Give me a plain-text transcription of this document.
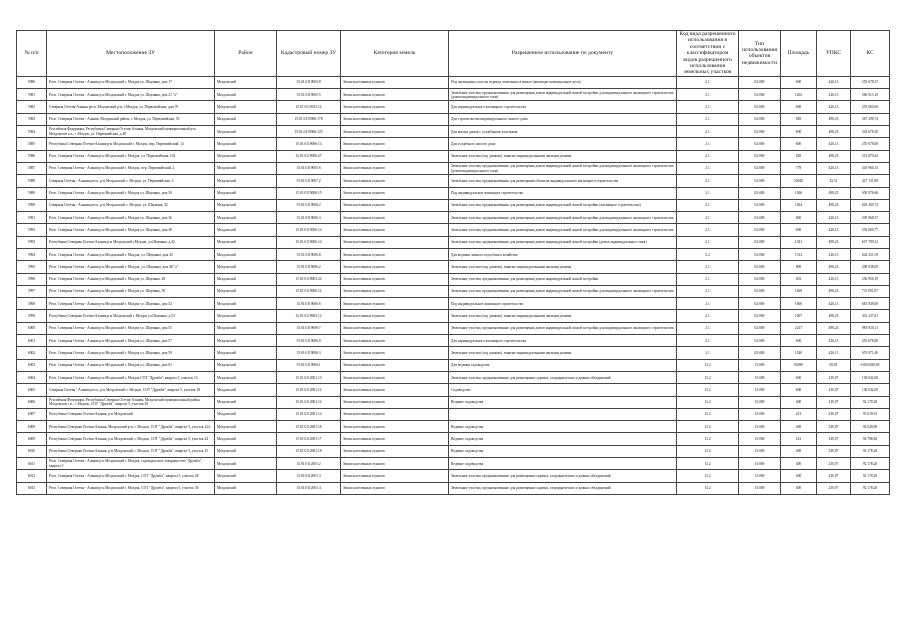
№ п/п	Местоположение ЗУ	Район	Кадастровый номер ЗУ	Категория земель	Разрешенное использование по документу	Код вида разрешенного использования в соответствии с классификатором видов разрешенного использования земельных участков	Тип использования объектов недвижимости	Площадь	УПКС	КС
5980	Респ. Северная Осетия - Алания р-н Моздокский г. Моздок ул. Шаумяна, дом 17	Моздокский	15:01:0119005:8	Земли населенных пунктов	Под жилищным участок перевод земельных в жилое (жилищно-коммунальное дело)	2.1	02:000	600	426,13	255 678,37
5981	Респ. Северная Осетия - Алания р-н Моздокский г. Моздок ул. Шаумяна, дом 21 "а"	Моздокский	15:01:0119005:5	Земли населенных пунктов	Земельные участки, предназначенные для размещения домов индивидуальной жилой застройки для индивидуального жилищного строительства (домов индивидуального типа)	2.1	02:000	1202	426,13	566 013,16
5982	Северная Осетия-Алания респ. Моздокский р-н, г.Моздок, ул. Первомайская, дом 70	Моздокский	15:01:0119011:12	Земли населенных пунктов	Для индивидуального жилищного строительства	2.1	02:000	600	426,13	255 684,00
5983	Респ. Северная Осетия - Алания, Моздокский район, г. Моздок, ул. Первомайская, 55	Моздокский	15:01:0119006:178	Земли населенных пунктов	Для строительства индивидуального жилого дома	2.1	02:000	828	498,23	367 298,74
5984	Российская Федерация, Республика Северная Осетия-Алания, Моздокский муниципальный р-н, Моздокское г.п., г. Моздок, ул. Первомайская, д.48	Моздокский	15:01:0119006:125	Земли населенных пунктов	Для жилых домов с усадебными участками	2.1	02:000	690	498,23	343 678,50
5985	Республика Северная Осетия-Алания р-н Моздокский г. Моздок, пер. Первомайский, 13	Моздокский	15:01:0119006:13	Земли населенных пунктов	Для усадебного жилого дома	2.1	02:000	600	426,13	255 678,00
5986	Респ. Северная Осетия - Алания р-н Моздокский г. Моздок, ул. Первомайская, 102	Моздокский	15:01:0119006:27	Земли населенных пунктов	Земельные участки (под домами), занятые индивидуальными жилыми домами	2.1	02:000	828	498,23	312 879,44
5987	Респ. Северная Осетия - Алания р-н Моздокский г. Моздок, пер. Первомайский, 2	Моздокский	15:01:0119005:6	Земли населенных пунктов	Земельные участки, предназначенные для размещения домов индивидуальной жилой застройки для индивидуального жилищного строительства (домов индивидуального типа)	2.1	02:000	778	426,13	345 966,33
5988	Северная Осетия - Алания респ., р-н Моздокский, г. Моздок, ул. Первомайская, 3	Моздокский	15:01:0119007:2	Земли населенных пунктов	Земельные участки, предназначенные для размещения объектов индивидуального жилищного строительства	2.1	02:000	10040	42,51	427 131,89
5989	Респ. Северная Осетия - Алания р-н Моздокский г. Моздок ул. Шаумяна, дом 30	Моздокский	15:01:0119006:15	Земли населенных пунктов	Под индивидуальное жилищное строительство	2.1	02:000	1366	498,23	650 976,66
5990	Северная Осетия - Алания респ., р-н Моздокский, г. Моздок, ул. Шаумяна, 32	Моздокский	15:01:0119006:2	Земли населенных пунктов	Земельные участки, предназначенные для размещения домов индивидуальной жилой застройки (жилищное строительство)	2.1	02:000	1404	498,23	643 269,72
5991	Респ. Северная Осетия - Алания р-н Моздокский г. Моздок ул. Шаумяна, дом 36	Моздокский	15:01:0119006:3	Земли населенных пунктов	Земельные участки, предназначенные для размещения домов индивидуальной жилой застройки для индивидуального жилищного строительства	2.1	02:000	800	426,13	295 968,37
5992	Респ. Северная Осетия - Алания р-н Моздокский г. Моздок ул. Шаумяна, дом 38	Моздокский	15:01:0119006:14	Земли населенных пунктов	Земельные участки, предназначенные для размещения домов индивидуальной жилой застройки для индивидуального жилищного строительства	2.1	02:000	690	426,13	292 066,77
5993	Республика Северная Осетия-Алания р-н Моздокский г.Моздок, ул.Шаумяна, д.42	Моздокский	15:01:0119006:14	Земли населенных пунктов	Земельные участки, предназначенные для размещения домов индивидуальной жилой застройки (домов индивидуального типа)	2.1	02:000	1321	498,23	657 799,21
5994	Респ. Северная Осетия - Алания р-н Моздокский г. Моздок, ул. Шаумяна, дом 45	Моздокский	15:01:0119006:8	Земли населенных пунктов	Для ведения личного подсобного хозяйства	2.2	02:000	1512	426,13	644 431,59
5995	Респ. Северная Осетия - Алания р-н Моздокский г. Моздок, ул. Шаумяна, дом 48 "а"	Моздокский	15:01:0119006:2	Земли населенных пунктов	Земельные участки (под домами), занятые индивидуальными жилыми домами	2.1	02:000	800	498,23	298 938,00
5996	Респ. Северная Осетия - Алания р-н Моздокский г. Моздок ул. Шаумяна, 49	Моздокский	15:01:0119005:24	Земли населенных пунктов	Земельные участки, предназначенные для размещения домов индивидуальной жилой застройки	2.1	02:000	603	426,13	256 956,39
5997	Респ. Северная Осетия - Алания р-н Моздокский г. Моздок ул. Шаумяна, 50	Моздокский	15:01:0119006:12	Земли населенных пунктов	Земельные участки, предназначенные для размещения домов индивидуальной жилой застройки для индивидуального жилищного строительства	2.1	02:000	1469	498,23	731 891,87
5998	Респ. Северная Осетия - Алания р-н Моздокский г. Моздок ул. Шаумяна, дом 52	Моздокский	15:01:0119006:6	Земли населенных пунктов	Под индивидуальное жилищное строительство	2.1	02:000	1600	426,13	681 848,00
5999	Республика Северная Осетия-Алания р-н Моздокский г. Моздок ул.Шаумяна, д.53	Моздокский	15:01:0119005:12	Земли населенных пунктов	Земельные участки (под домами), занятые индивидуальными жилыми домами	2.1	02:000	1007	498,23	441 237,81
6000	Респ. Северная Осетия - Алания р-н Моздокский г. Моздок ул. Шаумяна, дом 55	Моздокский	15:01:0119006:7	Земли населенных пунктов	Земельные участки, предназначенные для размещения домов индивидуальной жилой застройки для индивидуального жилищного строительства	2.1	02:000	2217	498,23	983 920,11
6001	Респ. Северная Осетия - Алания р-н Моздокский г. Моздок ул. Шаумяна, дом 57	Моздокский	15:01:0119006:9	Земли населенных пунктов	Для индивидуального жилищного строительства	2.1	02:000	600	426,13	255 678,00
6002	Респ. Северная Осетия - Алания р-н Моздокский г. Моздок ул. Шаумяна, дом 59	Моздокский	15:01:0119006:3	Земли населенных пунктов	Земельные участки (под домами), занятые индивидуальными жилыми домами	2.1	02:000	1540	426,13	676 971,40
6003	Респ. Северная Осетия - Алания р-н Моздокский г. Моздок ул. Шаумяна, дом 61	Моздокский	15:01:0119006:1	Земли населенных пунктов	Для ведения садоводства	13.2	13:000	92690	65,81	6 084 688,00
6004	Респ. Северная Осетия - Алания р-н Моздокский г. Моздок СОТ "Дружба", квартал 5, участок 13	Моздокский	15:01:0112001:13	Земли населенных пунктов	Земельные участки, предназначенные для размещения садовых, огороднических и дачных объединений	13.2	13:000	600	230,07	138 042,00
6005	Северная Осетия - Алания респ., р-н Моздокский, г. Моздок, СОТ "Дружба", квартал 5, участок 18	Моздокский	15:01:0112001:12	Земли населенных пунктов	Садоводство	13.2	13:000	600	230,07	138 042,00
6006	Российская Федерация, Республика Северная Осетия-Алания, Моздокский муниципальный район, Моздокское г.п., г. Моздок, СОТ "Дружба", квартал 5, участок 26	Моздокский	15:01:0112001:12	Земли населенных пунктов	Ведение садоводства	13.2	13:000	400	230,07	92 178,20
6007	Республика Северная Осетия-Алания, р-н Моздокский	Моздокский	15:01:0112001:14	Земли населенных пунктов		13.2	13:000	413	230,07	95 018,91
6008	Республика Северная Осетия-Алания, Моздокский р-н, г. Моздок, СОТ "Дружба", квартал 5, участок 224	Моздокский	15:01:0112001:16	Земли населенных пунктов	Ведение садоводства	13.2	13:000	400	230,07	92 028,00
6009	Республика Северная Осетия-Алания, р-н Моздокский, г. Моздок, СОТ "Дружба", квартал 5, участок 24	Моздокский	15:01:0112001:17	Земли населенных пунктов	Ведение садоводства	13.2	13:000	412	230,07	94 788,84
6010	Республика Северная Осетия-Алания, р-н Моздокский, г. Моздок, СОТ "Дружба", квартал 5, участок 25	Моздокский	15:01:0112001:18	Земли населенных пунктов	Ведение садоводства	13.2	13:000	400	230,07	92 178,20
6011	Респ. Северная Осетия - Алания р-н Моздокский г. Моздок, садоводческое товарищество "Дружба", квартал 5	Моздокский	15:01:0112001:2	Земли населенных пунктов	Ведение садоводства	13.2	13:000	400	230,07	92 178,20
6012	Респ. Северная Осетия - Алания р-н Моздокский г. Моздок, СОТ "Дружба", квартал 5, участок 28	Моздокский	15:01:0112001:3	Земли населенных пунктов	Земельные участки, предназначенные для размещения садовых, огороднических и дачных объединений	13.2	13:000	400	230,07	92 178,20
6013	Респ. Северная Осетия - Алания р-н Моздокский г. Моздок, СОТ "Дружба", квартал 5, участок 30	Моздокский	15:01:0112001:4	Земли населенных пунктов	Земельные участки, предназначенные для размещения садовых, огороднических и дачных объединений	13.2	13:000	400	230,07	92 178,20
